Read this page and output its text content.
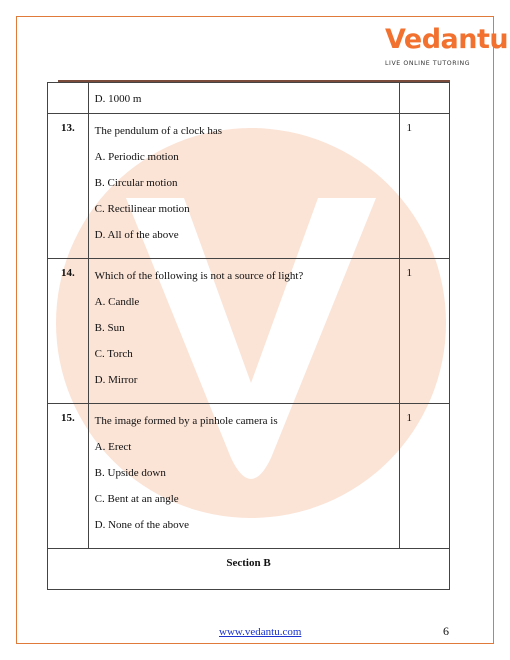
Vedantu
LIVE ONLINE TUTORING

	D. 1000 m	

13.	The pendulum of a clock has
A. Periodic motion
B. Circular motion
C. Rectilinear motion
D. All of the above	1

14.	Which of the following is not a source of light?
A. Candle
B. Sun
C. Torch
D. Mirror	1

15.	The image formed by a pinhole camera is
A. Erect
B. Upside down
C. Bent at an angle
D. None of the above	1

Section B		
www.vedantu.com	6
